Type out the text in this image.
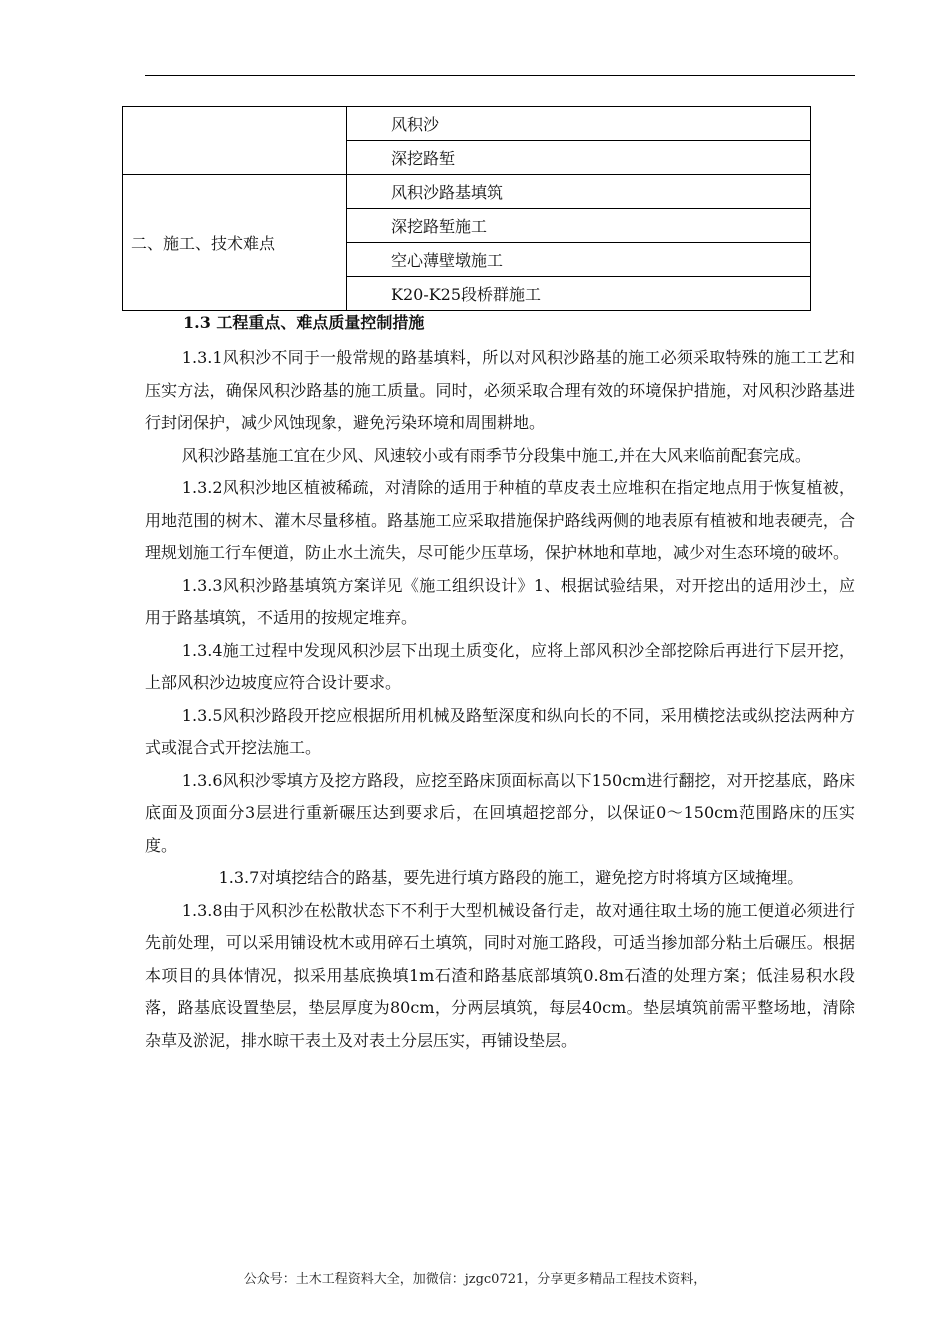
	风积沙
	深挖路堑
二、施工、技术难点	风积沙路基填筑
	深挖路堑施工
	空心薄壁墩施工
	K20-K25段桥群施工
1.3 工程重点、难点质量控制措施

1.3.1风积沙不同于一般常规的路基填料，所以对风积沙路基的施工必须采取特殊的施工工艺和压实方法，确保风积沙路基的施工质量。同时，必须采取合理有效的环境保护措施，对风积沙路基进行封闭保护，减少风蚀现象，避免污染环境和周围耕地。

风积沙路基施工宜在少风、风速较小或有雨季节分段集中施工,并在大风来临前配套完成。

1.3.2风积沙地区植被稀疏，对清除的适用于种植的草皮表土应堆积在指定地点用于恢复植被，用地范围的树木、灌木尽量移植。路基施工应采取措施保护路线两侧的地表原有植被和地表硬壳，合理规划施工行车便道，防止水土流失，尽可能少压草场，保护林地和草地，减少对生态环境的破坏。

1.3.3风积沙路基填筑方案详见《施工组织设计》1、根据试验结果，对开挖出的适用沙土，应用于路基填筑，不适用的按规定堆弃。

1.3.4施工过程中发现风积沙层下出现土质变化，应将上部风积沙全部挖除后再进行下层开挖，上部风积沙边坡度应符合设计要求。

1.3.5风积沙路段开挖应根据所用机械及路堑深度和纵向长的不同，采用横挖法或纵挖法两种方式或混合式开挖法施工。

1.3.6风积沙零填方及挖方路段，应挖至路床顶面标高以下150cm进行翻挖，对开挖基底，路床底面及顶面分3层进行重新碾压达到要求后，在回填超挖部分，以保证0～150cm范围路床的压实度。

1.3.7对填挖结合的路基，要先进行填方路段的施工，避免挖方时将填方区域掩埋。

1.3.8由于风积沙在松散状态下不利于大型机械设备行走，故对通往取土场的施工便道必须进行先前处理，可以采用铺设枕木或用碎石土填筑，同时对施工路段，可适当掺加部分粘土后碾压。根据本项目的具体情况，拟采用基底换填1m石渣和路基底部填筑0.8m石渣的处理方案；低洼易积水段落，路基底设置垫层，垫层厚度为80cm，分两层填筑，每层40cm。垫层填筑前需平整场地，清除杂草及淤泥，排水晾干表土及对表土分层压实，再铺设垫层。

公众号：土木工程资料大全，加微信：jzgc0721，分享更多精品工程技术资料，
